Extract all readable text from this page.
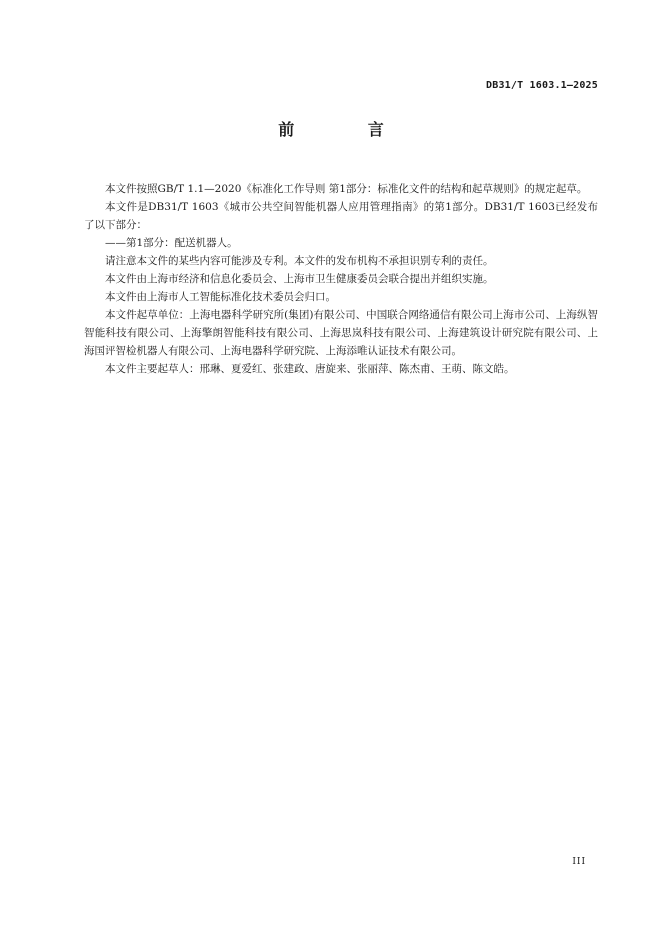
DB31/T 1603.1—2025
前 言

本文件按照GB/T 1.1—2020《标准化工作导则 第1部分：标准化文件的结构和起草规则》的规定起草。

本文件是DB31/T 1603《城市公共空间智能机器人应用管理指南》的第1部分。DB31/T 1603已经发布了以下部分：

——第1部分：配送机器人。

请注意本文件的某些内容可能涉及专利。本文件的发布机构不承担识别专利的责任。

本文件由上海市经济和信息化委员会、上海市卫生健康委员会联合提出并组织实施。

本文件由上海市人工智能标准化技术委员会归口。

本文件起草单位：上海电器科学研究所(集团)有限公司、中国联合网络通信有限公司上海市公司、上海纵智智能科技有限公司、上海擎朗智能科技有限公司、上海思岚科技有限公司、上海建筑设计研究院有限公司、上海国评智检机器人有限公司、上海电器科学研究院、上海添唯认证技术有限公司。

本文件主要起草人：邢琳、夏爱红、张建政、唐旋来、张丽萍、陈杰甫、王萌、陈文皓。

III
